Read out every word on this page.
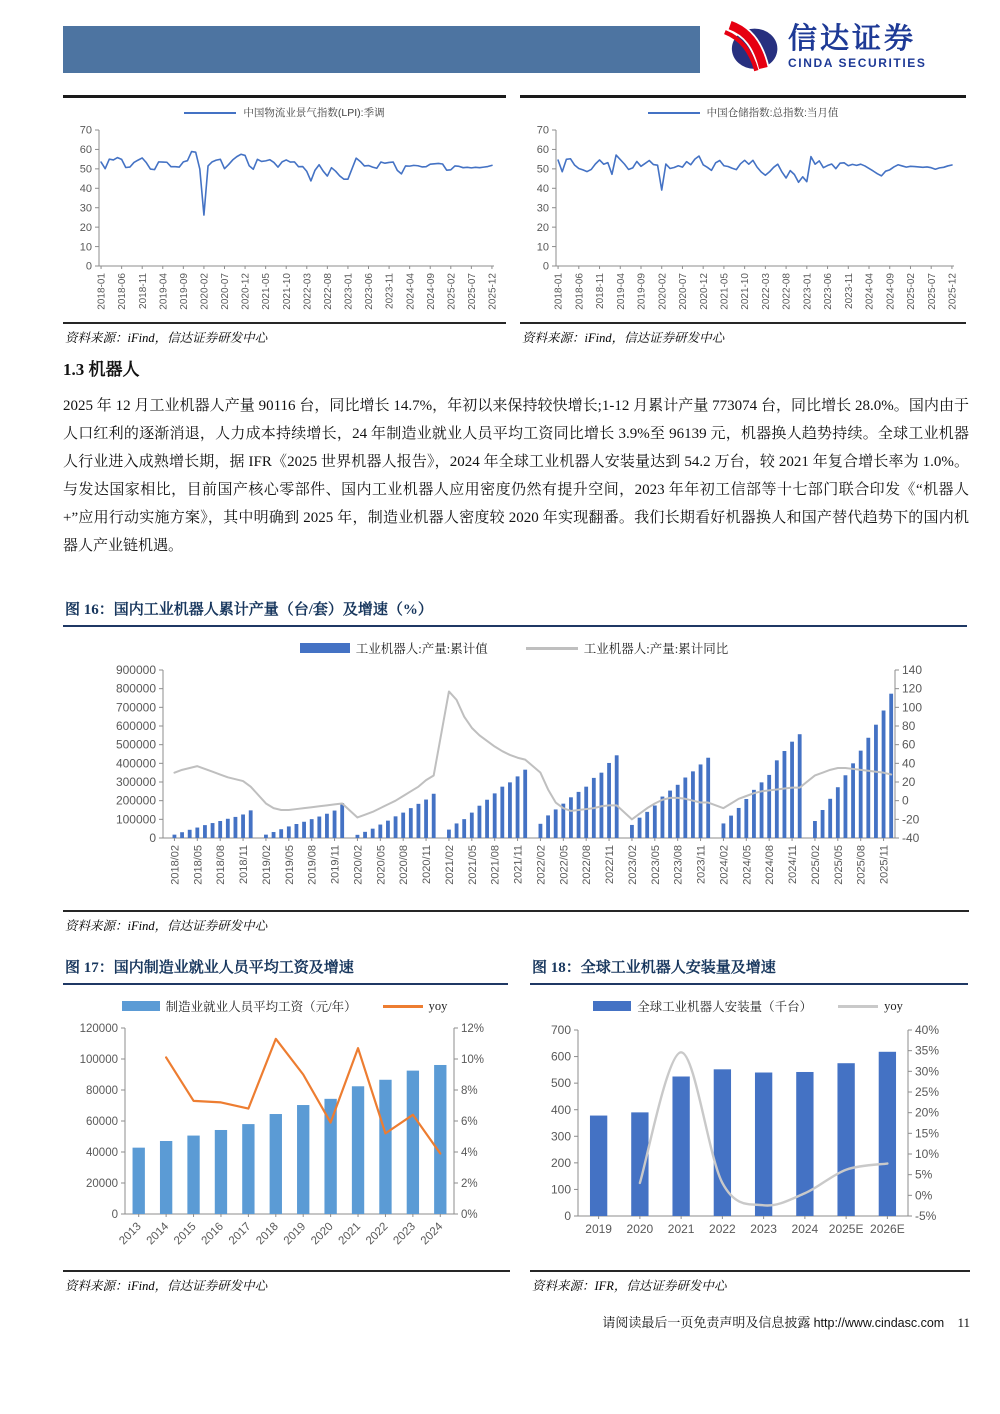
信达证券
CINDA SECURITIES
中国物流业景气指数(LPI):季调
0
10
20
30
40
50
60
70
2018-01 2018-06 2018-11 2019-04 2019-09 2020-02 2020-07 2020-12 2021-05 2021-10 2022-03 2022-08 2023-01 2023-06 2023-11 2024-04 2024-09 2025-02 2025-07 2025-12
资料来源：iFind，信达证券研发中心
中国仓储指数:总指数:当月值
0
10
20
30
40
50
60
70
2018-01 2018-06 2018-11 2019-04 2019-09 2020-02 2020-07 2020-12 2021-05 2021-10 2022-03 2022-08 2023-01 2023-06 2023-11 2024-04 2024-09 2025-02 2025-07 2025-12
资料来源：iFind，信达证券研发中心
1.3 机器人
2025 年 12 月工业机器人产量 90116 台，同比增长 14.7%，年初以来保持较快增长;1-12 月累计产量 773074 台，同比增长 28.0%。国内由于人口红利的逐渐消退，人力成本持续增长，24 年制造业就业人员平均工资同比增长 3.9%至 96139 元，机器换人趋势持续。全球工业机器人行业进入成熟增长期，据 IFR《2025 世界机器人报告》，2024 年全球工业机器人安装量达到 54.2 万台，较 2021 年复合增长率为 1.0%。与发达国家相比，目前国产核心零部件、国内工业机器人应用密度仍然有提升空间，2023 年年初工信部等十七部门联合印发《“机器人+”应用行动实施方案》，其中明确到 2025 年，制造业机器人密度较 2020 年实现翻番。我们长期看好机器换人和国产替代趋势下的国内机器人产业链机遇。
图 16：国内工业机器人累计产量（台/套）及增速（%）
工业机器人:产量:累计值	工业机器人:产量:累计同比
0
100000
200000
300000
400000
500000
600000
700000
800000
900000
-40
-20
0
20
40
60
80
100
120
140
2018/02 2018/05 2018/08 2018/11 2019/02 2019/05 2019/08 2019/11 2020/02 2020/05 2020/08 2020/11 2021/02 2021/05 2021/08 2021/11 2022/02 2022/05 2022/08 2022/11 2023/02 2023/05 2023/08 2023/11 2024/02 2024/05 2024/08 2024/11 2025/02 2025/05 2025/08 2025/11
资料来源：iFind，信达证券研发中心
图 17：国内制造业就业人员平均工资及增速
制造业就业人员平均工资（元/年）	yoy
0
20000
40000
60000
80000
100000
120000
0%
2%
4%
6%
8%
10%
12%
2013 2014 2015 2016 2017 2018 2019 2020 2021 2022 2023 2024
资料来源：iFind，信达证券研发中心
图 18：全球工业机器人安装量及增速
全球工业机器人安装量（千台）	yoy
0
100
200
300
400
500
600
700
-5%
0%
5%
10%
15%
20%
25%
30%
35%
40%
2019 2020 2021 2022 2023 2024 2025E 2026E
资料来源：IFR，信达证券研发中心
请阅读最后一页免责声明及信息披露 http://www.cindasc.com 11
